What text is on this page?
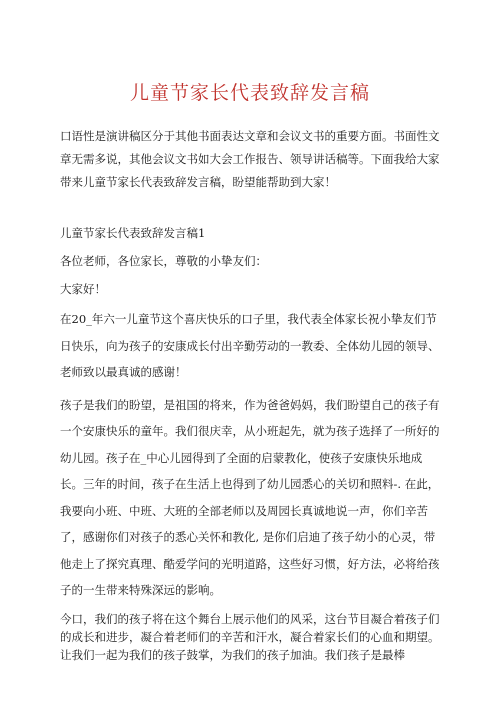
儿童节家长代表致辞发言稿

口语性是演讲稿区分于其他书面表达文章和会议文书的重要方面。书面性文章无需多说，其他会议文书如大会工作报告、领导讲话稿等。下面我给大家带来儿童节家长代表致辞发言稿，盼望能帮助到大家！

儿童节家长代表致辞发言稿1

各位老师，各位家长，尊敬的小挚友们：

大家好！

在20_年六一儿童节这个喜庆快乐的口子里，我代表全体家长祝小挚友们节日快乐，向为孩子的安康成长付出辛勤劳动的一教委、全体幼儿园的领导、老师致以最真诚的感谢！

孩子是我们的盼望，是祖国的将来，作为爸爸妈妈，我们盼望自己的孩子有一个安康快乐的童年。我们很庆幸，从小班起先，就为孩子选择了一所好的幼儿园。孩子在_中心儿园得到了全面的启蒙教化，使孩子安康快乐地成长。三年的时间，孩子在生活上也得到了幼儿园悉心的关切和照料-. 在此，我要向小班、中班、大班的全部老师以及周园长真诚地说一声，你们辛苦了，感谢你们对孩子的悉心关怀和教化, 是你们启迪了孩子幼小的心灵，带他走上了探究真理、酷爱学问的光明道路，这些好习惯，好方法，必将给孩子的一生带来特殊深远的影响。

今口，我们的孩子将在这个舞台上展示他们的风采，这台节目凝合着孩子们的成长和进步，凝合着老师们的辛苦和汗水，凝合着家长们的心血和期望。让我们一起为我们的孩子鼓掌，为我们的孩子加油。我们孩子是最棒
